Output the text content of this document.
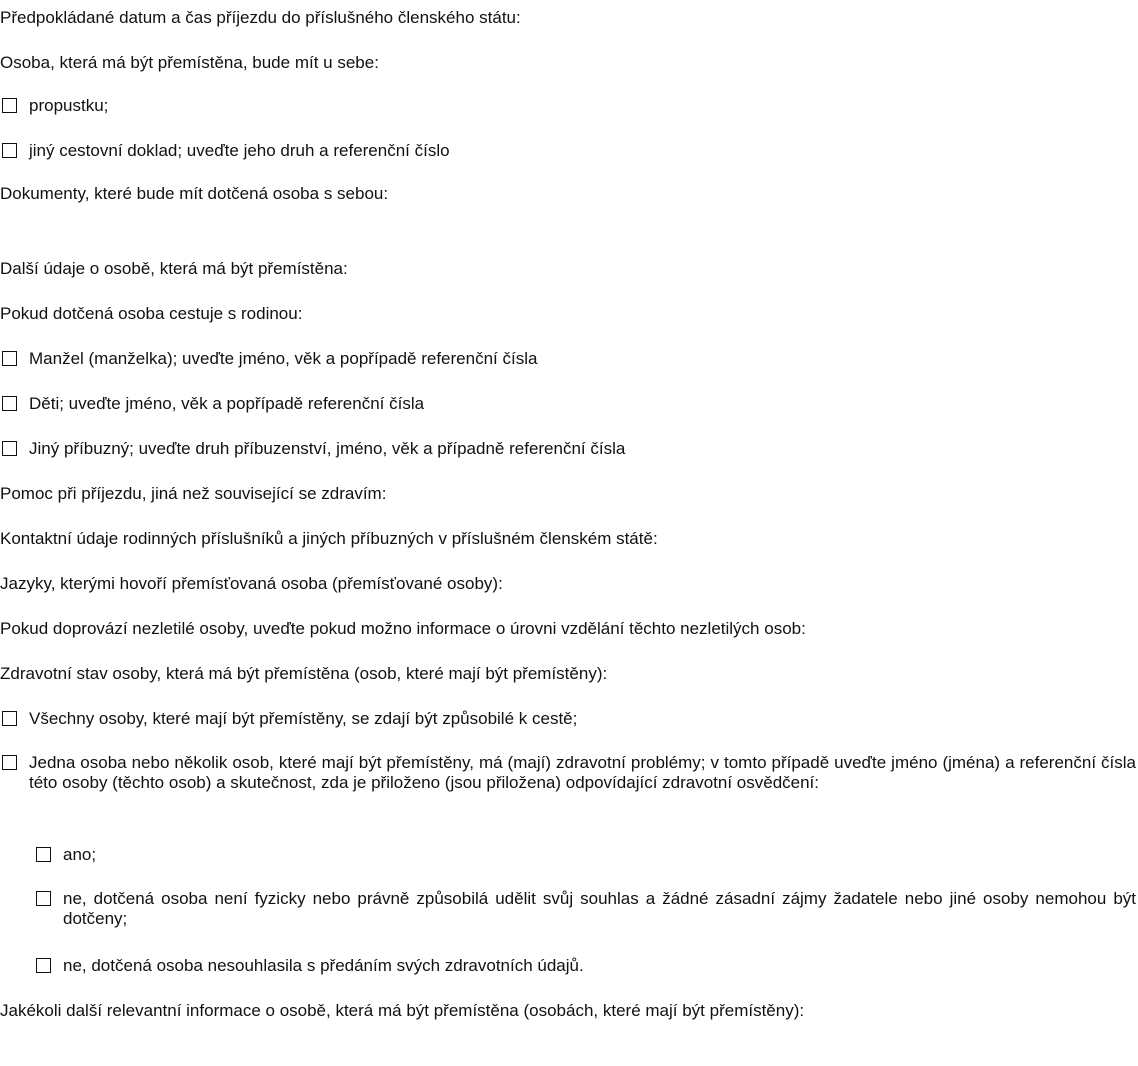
Předpokládané datum a čas příjezdu do příslušného členského státu:
Osoba, která má být přemístěna, bude mít u sebe:
propustku;
jiný cestovní doklad; uveďte jeho druh a referenční číslo
Dokumenty, které bude mít dotčená osoba s sebou:
Další údaje o osobě, která má být přemístěna:
Pokud dotčená osoba cestuje s rodinou:
Manžel (manželka); uveďte jméno, věk a popřípadě referenční čísla
Děti; uveďte jméno, věk a popřípadě referenční čísla
Jiný příbuzný; uveďte druh příbuzenství, jméno, věk a případně referenční čísla
Pomoc při příjezdu, jiná než související se zdravím:
Kontaktní údaje rodinných příslušníků a jiných příbuzných v příslušném členském státě:
Jazyky, kterými hovoří přemísťovaná osoba (přemísťované osoby):
Pokud doprovází nezletilé osoby, uveďte pokud možno informace o úrovni vzdělání těchto nezletilých osob:
Zdravotní stav osoby, která má být přemístěna (osob, které mají být přemístěny):
Všechny osoby, které mají být přemístěny, se zdají být způsobilé k cestě;
Jedna osoba nebo několik osob, které mají být přemístěny, má (mají) zdravotní problémy; v tomto případě uveďte jméno (jména) a referenční čísla této osoby (těchto osob) a skutečnost, zda je přiloženo (jsou přiložena) odpovídající zdravotní osvědčení:
ano;
ne, dotčená osoba není fyzicky nebo právně způsobilá udělit svůj souhlas a žádné zásadní zájmy žadatele nebo jiné osoby nemohou být dotčeny;
ne, dotčená osoba nesouhlasila s předáním svých zdravotních údajů.
Jakékoli další relevantní informace o osobě, která má být přemístěna (osobách, které mají být přemístěny):
